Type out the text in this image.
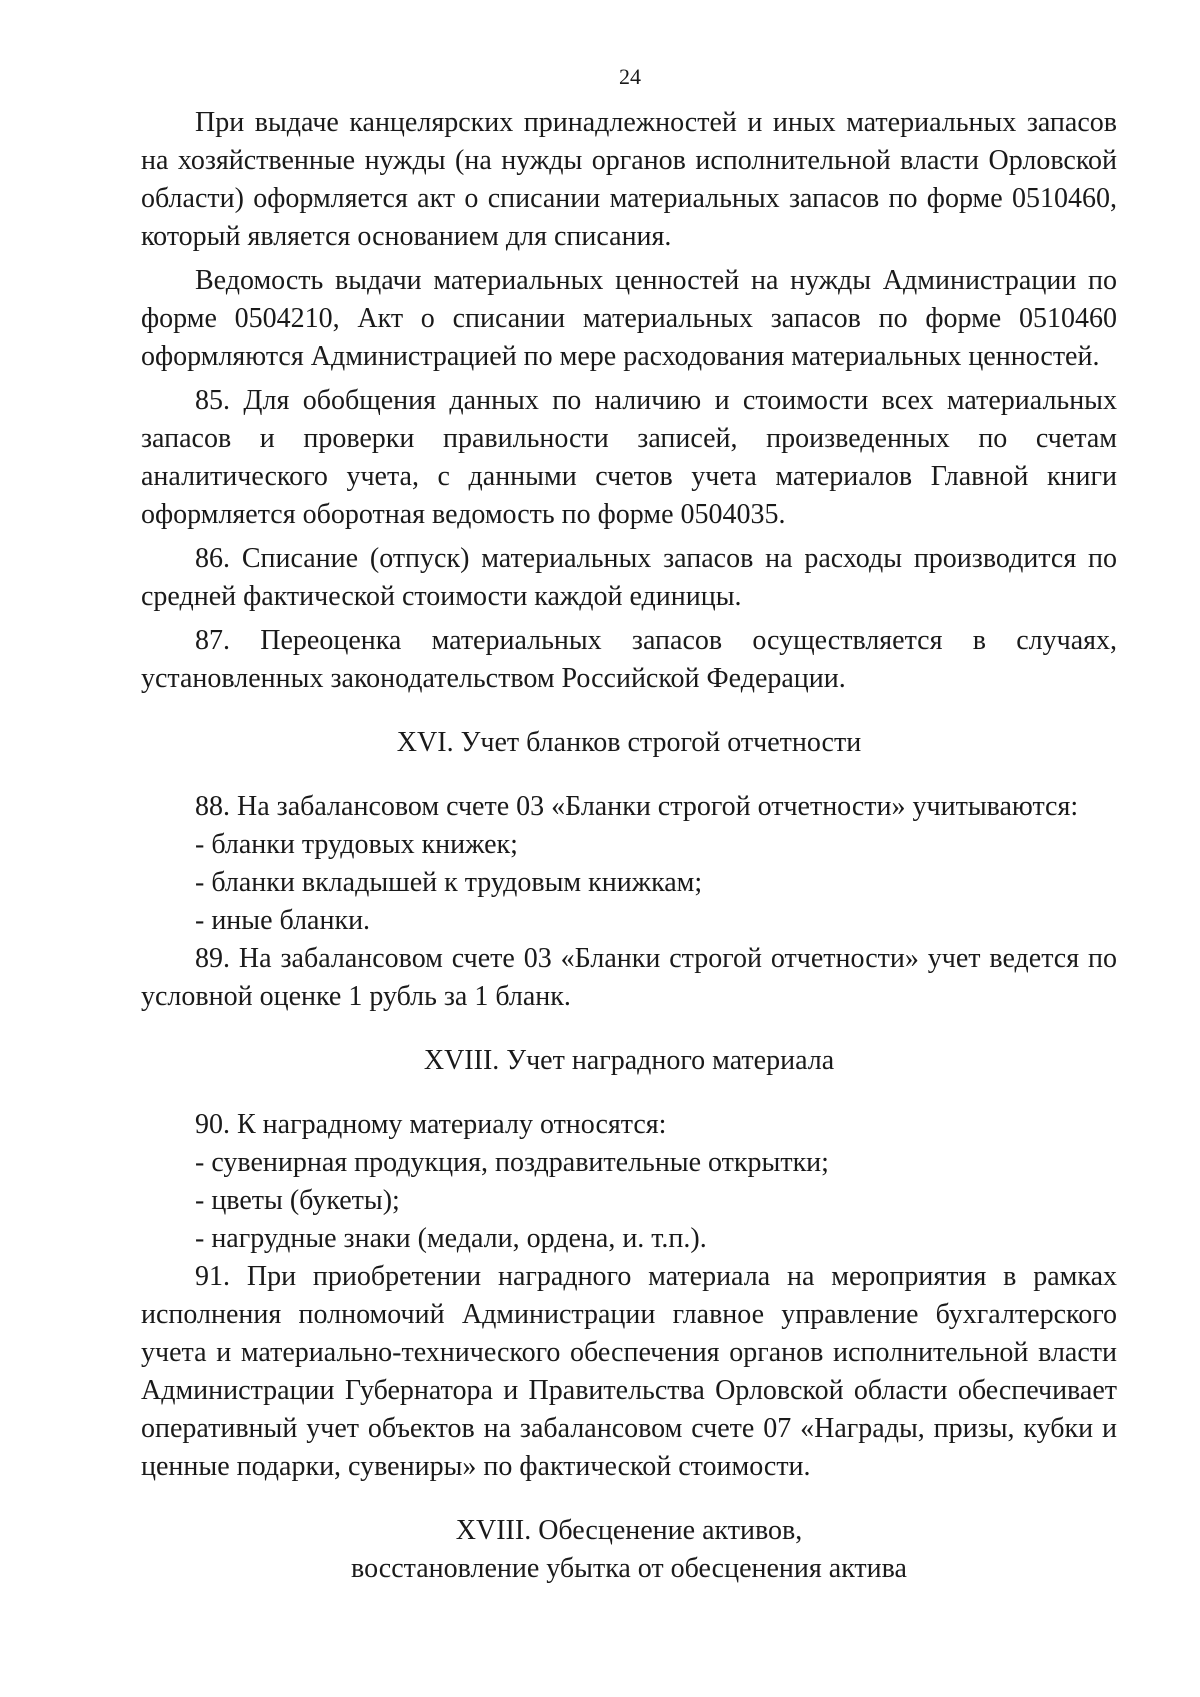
24

При выдаче канцелярских принадлежностей и иных материальных запасов на хозяйственные нужды (на нужды органов исполнительной власти Орловской области) оформляется акт о списании материальных запасов по форме 0510460, который является основанием для списания.

Ведомость выдачи материальных ценностей на нужды Администрации по форме 0504210, Акт о списании материальных запасов по форме 0510460 оформляются Администрацией по мере расходования материальных ценностей.

85. Для обобщения данных по наличию и стоимости всех материальных запасов и проверки правильности записей, произведенных по счетам аналитического учета, с данными счетов учета материалов Главной книги оформляется оборотная ведомость по форме 0504035.

86. Списание (отпуск) материальных запасов на расходы производится по средней фактической стоимости каждой единицы.

87. Переоценка материальных запасов осуществляется в случаях, установленных законодательством Российской Федерации.

XVI. Учет бланков строгой отчетности

88. На забалансовом счете 03 «Бланки строгой отчетности» учитываются:

- бланки трудовых книжек;

- бланки вкладышей к трудовым книжкам;

- иные бланки.

89. На забалансовом счете 03 «Бланки строгой отчетности» учет ведется по условной оценке 1 рубль за 1 бланк.

XVIII. Учет наградного материала

90. К наградному материалу относятся:

- сувенирная продукция, поздравительные открытки;

- цветы (букеты);

- нагрудные знаки (медали, ордена, и. т.п.).

91. При приобретении наградного материала на мероприятия в рамках исполнения полномочий Администрации главное управление бухгалтерского учета и материально-технического обеспечения органов исполнительной власти Администрации Губернатора и Правительства Орловской области обеспечивает оперативный учет объектов на забалансовом счете 07 «Награды, призы, кубки и ценные подарки, сувениры» по фактической стоимости.

XVIII. Обесценение активов,

восстановление убытка от обесценения актива
